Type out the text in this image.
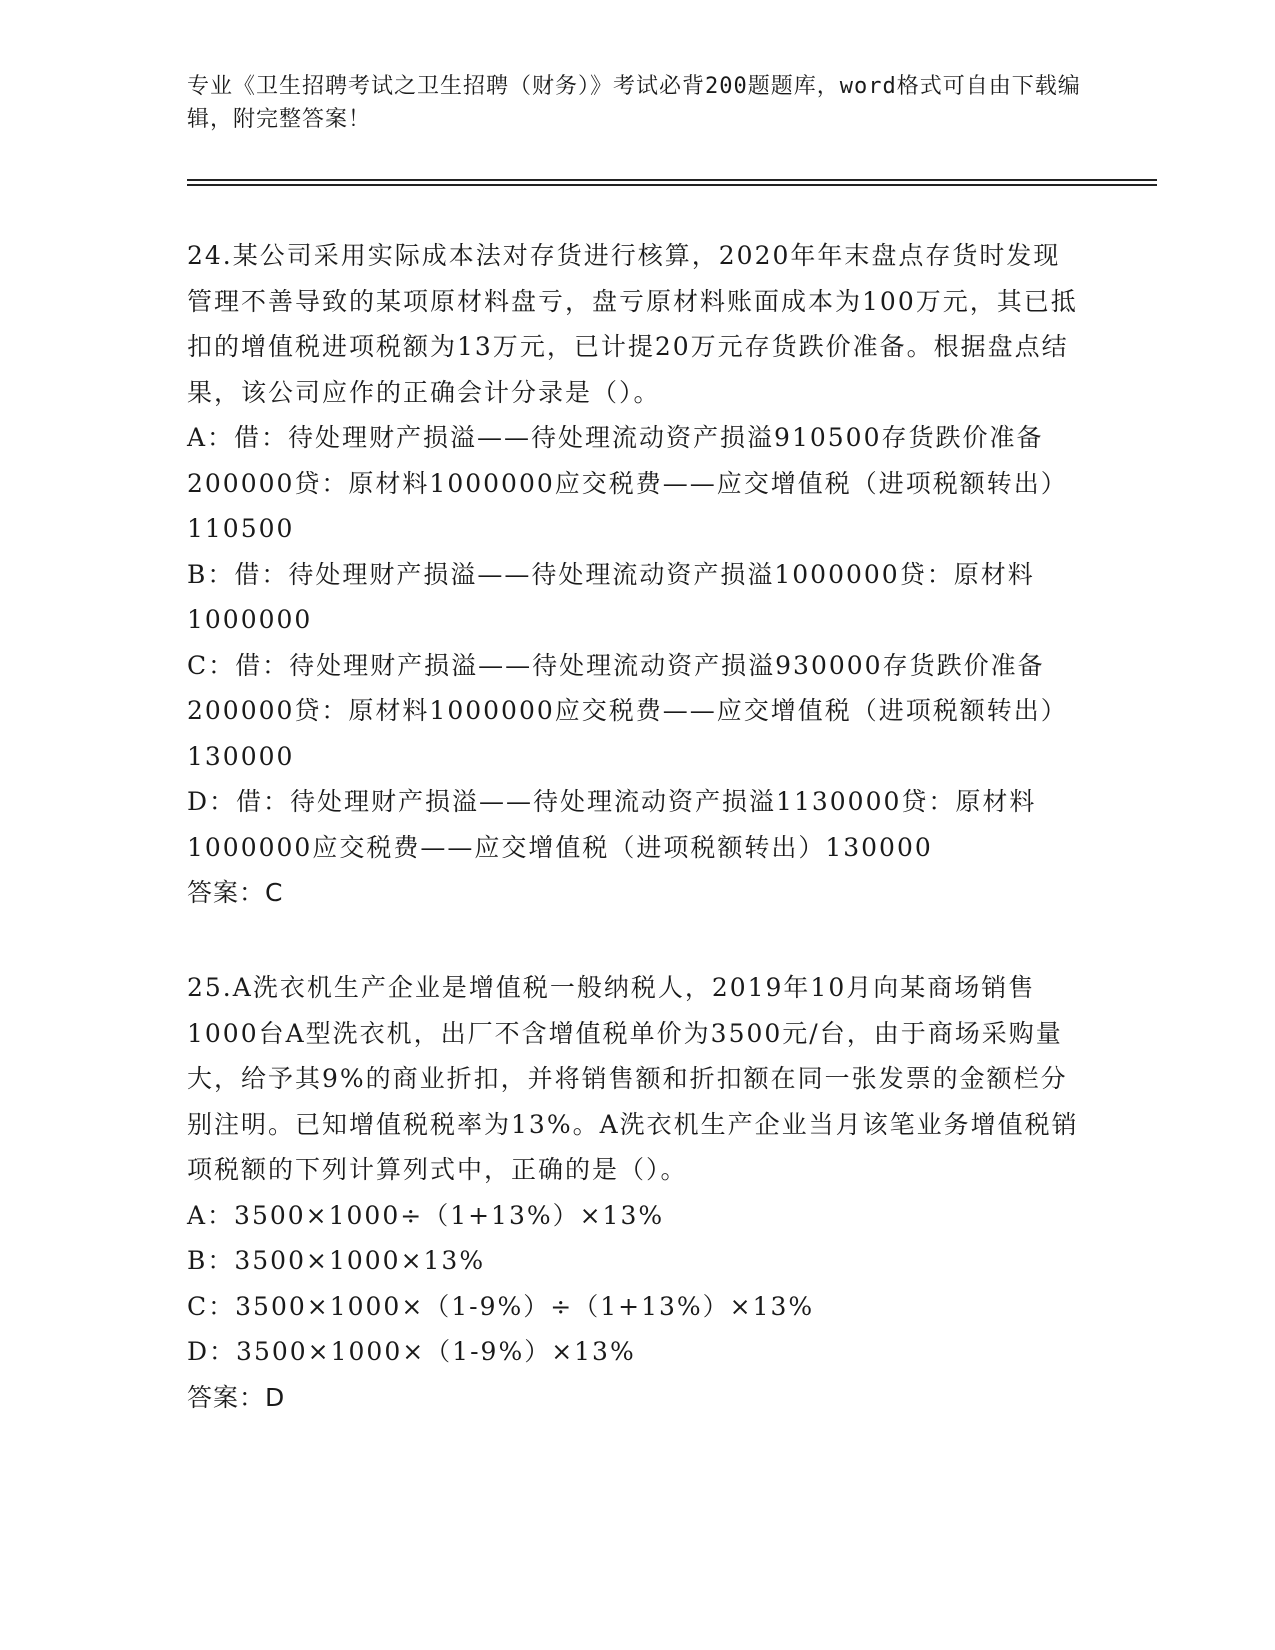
专业《卫生招聘考试之卫生招聘（财务）》考试必背200题题库，word格式可自由下载编辑，附完整答案！

24.某公司采用实际成本法对存货进行核算，2020年年末盘点存货时发现管理不善导致的某项原材料盘亏，盘亏原材料账面成本为100万元，其已抵扣的增值税进项税额为13万元，已计提20万元存货跌价准备。根据盘点结果，该公司应作的正确会计分录是（）。

A：借：待处理财产损溢——待处理流动资产损溢910500存货跌价准备200000贷：原材料1000000应交税费——应交增值税（进项税额转出）110500

B：借：待处理财产损溢——待处理流动资产损溢1000000贷：原材料1000000

C：借：待处理财产损溢——待处理流动资产损溢930000存货跌价准备200000贷：原材料1000000应交税费——应交增值税（进项税额转出）130000

D：借：待处理财产损溢——待处理流动资产损溢1130000贷：原材料1000000应交税费——应交增值税（进项税额转出）130000

答案：C

25.A洗衣机生产企业是增值税一般纳税人，2019年10月向某商场销售1000台A型洗衣机，出厂不含增值税单价为3500元/台，由于商场采购量大，给予其9%的商业折扣，并将销售额和折扣额在同一张发票的金额栏分别注明。已知增值税税率为13%。A洗衣机生产企业当月该笔业务增值税销项税额的下列计算列式中，正确的是（）。

A：3500×1000÷（1+13%）×13%

B：3500×1000×13%

C：3500×1000×（1-9%）÷（1+13%）×13%

D：3500×1000×（1-9%）×13%

答案：D
